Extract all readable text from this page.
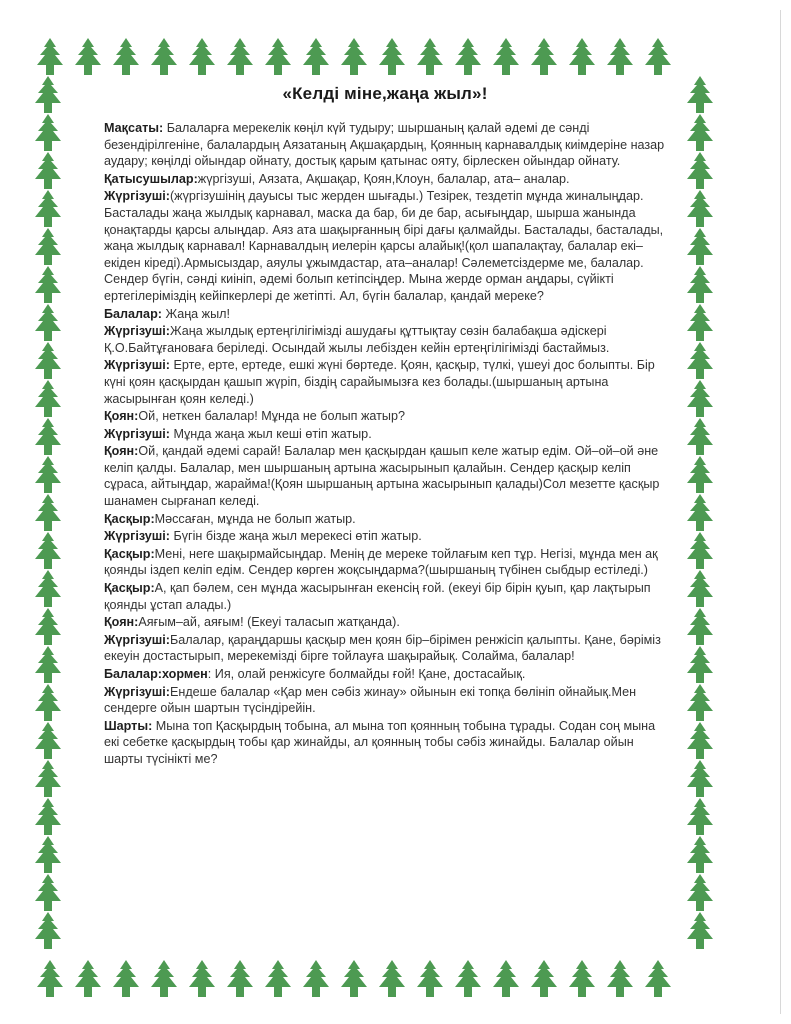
«Келді міне,жаңа жыл»!

Мақсаты: Балаларға мерекелік көңіл күй тудыру; шыршаның қалай әдемі де сәнді безендірілгеніне, балалардың Аязатаның Ақшақардың, Қоянның карнавалдық киімдеріне назар аудару; көңілді ойындар ойнату, достық қарым қатынас ояту, бірлескен ойындар ойнату.

Қатысушылар:жүргізуші, Аязата, Ақшақар, Қоян,Клоун, балалар, ата– аналар.

Жүргізуші:(жүргізушінің дауысы тыс жерден шығады.) Тезірек, тездетіп мұнда жиналыңдар. Басталады жаңа жылдық карнавал, маска да бар, би де бар, асығыңдар, шырша жанында қонақтарды қарсы алыңдар. Аяз ата шақырғанның бірі дағы қалмайды. Басталады, басталады, жаңа жылдық карнавал! Карнавалдың иелерін қарсы алайық!(қол шапалақтау, балалар екі–екіден кіреді).Армысыздар, аяулы ұжымдастар, ата–аналар! Сәлеметсіздерме ме, балалар. Сендер бүгін, сәнді киініп, әдемі болып кетіпсіңдер. Мына жерде орман аңдары, сүйікті ертегілеріміздің кейіпкерлері де жетіпті. Ал, бүгін балалар, қандай мереке?

Балалар: Жаңа жыл!

Жүргізуші:Жаңа жылдық ертеңгілігімізді ашудағы құттықтау сөзін балабақша әдіскері Қ.О.Байтұғановаға беріледі. Осындай жылы лебізден кейін ертеңгілігімізді бастаймыз.

Жүргізуші: Ерте, ерте, ертеде, ешкі жүні бөртеде. Қоян, қасқыр, түлкі, үшеуі дос болыпты. Бір күні қоян қасқырдан қашып жүріп, біздің сарайымызға кез болады.(шыршаның артына жасырынған қоян келеді.)

Қоян:Ой, неткен балалар! Мұнда не болып жатыр?

Жүргізуші: Мұнда жаңа жыл кеші өтіп жатыр.

Қоян:Ой, қандай әдемі сарай! Балалар мен қасқырдан қашып келе жатыр едім. Ой–ой–ой әне келіп қалды. Балалар, мен шыршаның артына жасырынып қалайын. Сендер қасқыр келіп сұраса, айтыңдар, жарайма!(Қоян шыршаның артына жасырынып қалады)Сол мезетте қасқыр шанамен сырғанап келеді.

Қасқыр:Мәссаған, мұнда не болып жатыр.

Жүргізуші: Бүгін бізде жаңа жыл мерекесі өтіп жатыр.

Қасқыр:Мені, неге шақырмайсыңдар. Менің де мереке тойлағым кеп тұр. Негізі, мұнда мен ақ қоянды іздеп келіп едім. Сендер көрген жоқсыңдарма?(шыршаның түбінен сыбдыр естіледі.)

Қасқыр:А, қап бәлем, сен мұнда жасырынған екенсің ғой. (екеуі бір бірін қуып, қар лақтырып қоянды ұстап алады.)

Қоян:Аяғым–ай, аяғым! (Екеуі таласып жатқанда).

Жүргізуші:Балалар, қараңдаршы қасқыр мен қоян бір–бірімен ренжісіп қалыпты. Қане, бәріміз екеуін достастырып, мерекемізді бірге тойлауға шақырайық. Солайма, балалар!

Балалар:хормен: Ия, олай ренжісуге болмайды ғой! Қане, достасайық.

Жүргізуші:Ендеше балалар «Қар мен сәбіз жинау» ойынын екі топқа бөлініп ойнайық.Мен сендерге ойын шартын түсіндірейін.

Шарты: Мына топ Қасқырдың тобына, ал мына топ қоянның тобына тұрады. Содан соң мына екі себетке қасқырдың тобы қар жинайды, ал қоянның тобы сәбіз жинайды. Балалар ойын шарты түсінікті ме?
